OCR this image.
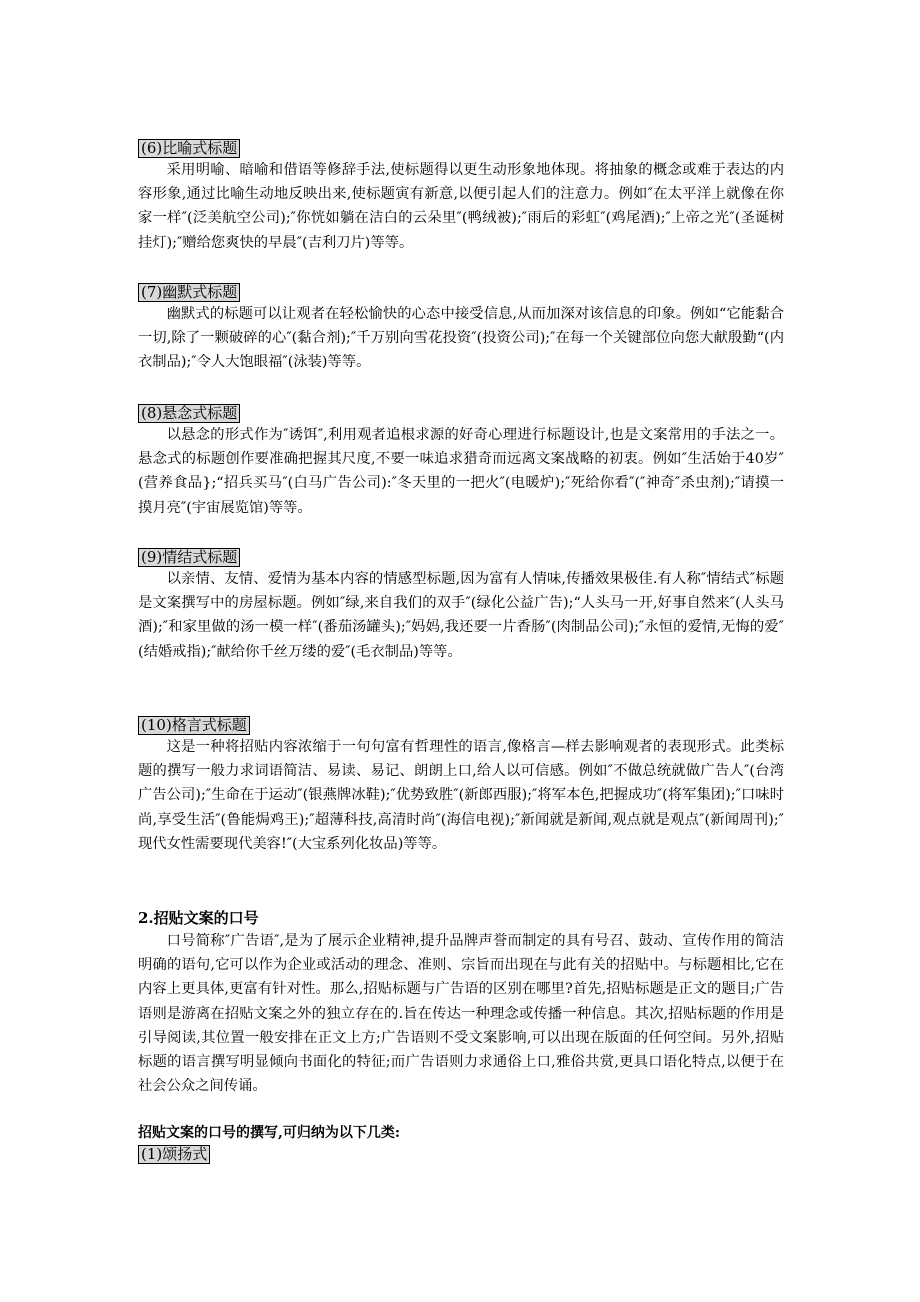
(6)比喻式标题

采用明喻、暗喻和借语等修辞手法,使标题得以更生动形象地体现。将抽象的概念或难于表达的内容形象,通过比喻生动地反映出来,使标题寅有新意,以便引起人们的注意力。例如″在太平洋上就像在你家一样″(泛美航空公司);″你恍如躺在洁白的云朵里″(鸭绒被);″雨后的彩虹″(鸡尾酒);″上帝之光″(圣诞树挂灯);″赠给您爽快的早晨″(吉利刀片)等等。

(7)幽默式标题

幽默式的标题可以让观者在轻松愉快的心态中接受信息,从而加深对该信息的印象。例如“它能黏合一切,除了一颗破碎的心″(黏合剂);″千万别向雪花投资″(投资公司);″在每一个关键部位向您大献殷勤“(内衣制品);″令人大饱眼福″(泳装)等等。

(8)悬念式标题

以悬念的形式作为″诱饵″,利用观者追根求源的好奇心理进行标题设计,也是文案常用的手法之一。悬念式的标题创作要准确把握其尺度,不要一味追求猎奇而远离文案战略的初衷。例如″生活始于40岁″(营养食品};“招兵买马″(白马广告公司):″冬天里的一把火″(电暖炉);″死给你看″(″神奇″杀虫剂);″请摸一摸月亮″(宇宙展览馆)等等。

(9)情结式标题

以亲情、友情、爱情为基本内容的情感型标题,因为富有人情味,传播效果极佳.有人称″情结式″标题是文案撰写中的房屋标题。例如″绿,来自我们的双手″(绿化公益广告);“人头马一开,好事自然来″(人头马酒);″和家里做的汤一模一样″(番茄汤罐头);″妈妈,我还要一片香肠″(肉制品公司);″永恒的爱情,无悔的爱″(结婚戒指);″献给你千丝万缕的爱″(毛衣制品)等等。

(10)格言式标题

这是一种将招贴内容浓缩于一句句富有哲理性的语言,像格言—样去影响观者的表现形式。此类标题的撰写一般力求词语简洁、易读、易记、朗朗上口,给人以可信感。例如″不做总统就做广告人″(台湾广告公司);″生命在于运动″(银燕牌冰鞋);″优势致胜″(新郎西服);″将军本色,把握成功″(将军集团);″口味时尚,享受生活″(鲁能焗鸡王);″超薄科技,高清时尚″(海信电视);″新闻就是新闻,观点就是观点″(新闻周刊);″现代女性需要现代美容!″(大宝系列化妆品)等等。

2.招贴文案的口号

口号简称″广告语″,是为了展示企业精神,提升品牌声誉而制定的具有号召、鼓动、宣传作用的简洁明确的语句,它可以作为企业或活动的理念、准则、宗旨而出现在与此有关的招贴中。与标题相比,它在内容上更具体,更富有针对性。那么,招贴标题与广告语的区别在哪里?首先,招贴标题是正文的题目;广告语则是游离在招贴文案之外的独立存在的.旨在传达一种理念或传播一种信息。其次,招贴标题的作用是引导阅读,其位置一般安排在正文上方;广告语则不受文案影响,可以出现在版面的任何空间。另外,招贴标题的语言撰写明显倾向书面化的特征;而广告语则力求通俗上口,雅俗共赏,更具口语化特点,以便于在社会公众之间传诵。

招贴文案的口号的撰写,可归纳为以下几类:

(1)颂扬式
